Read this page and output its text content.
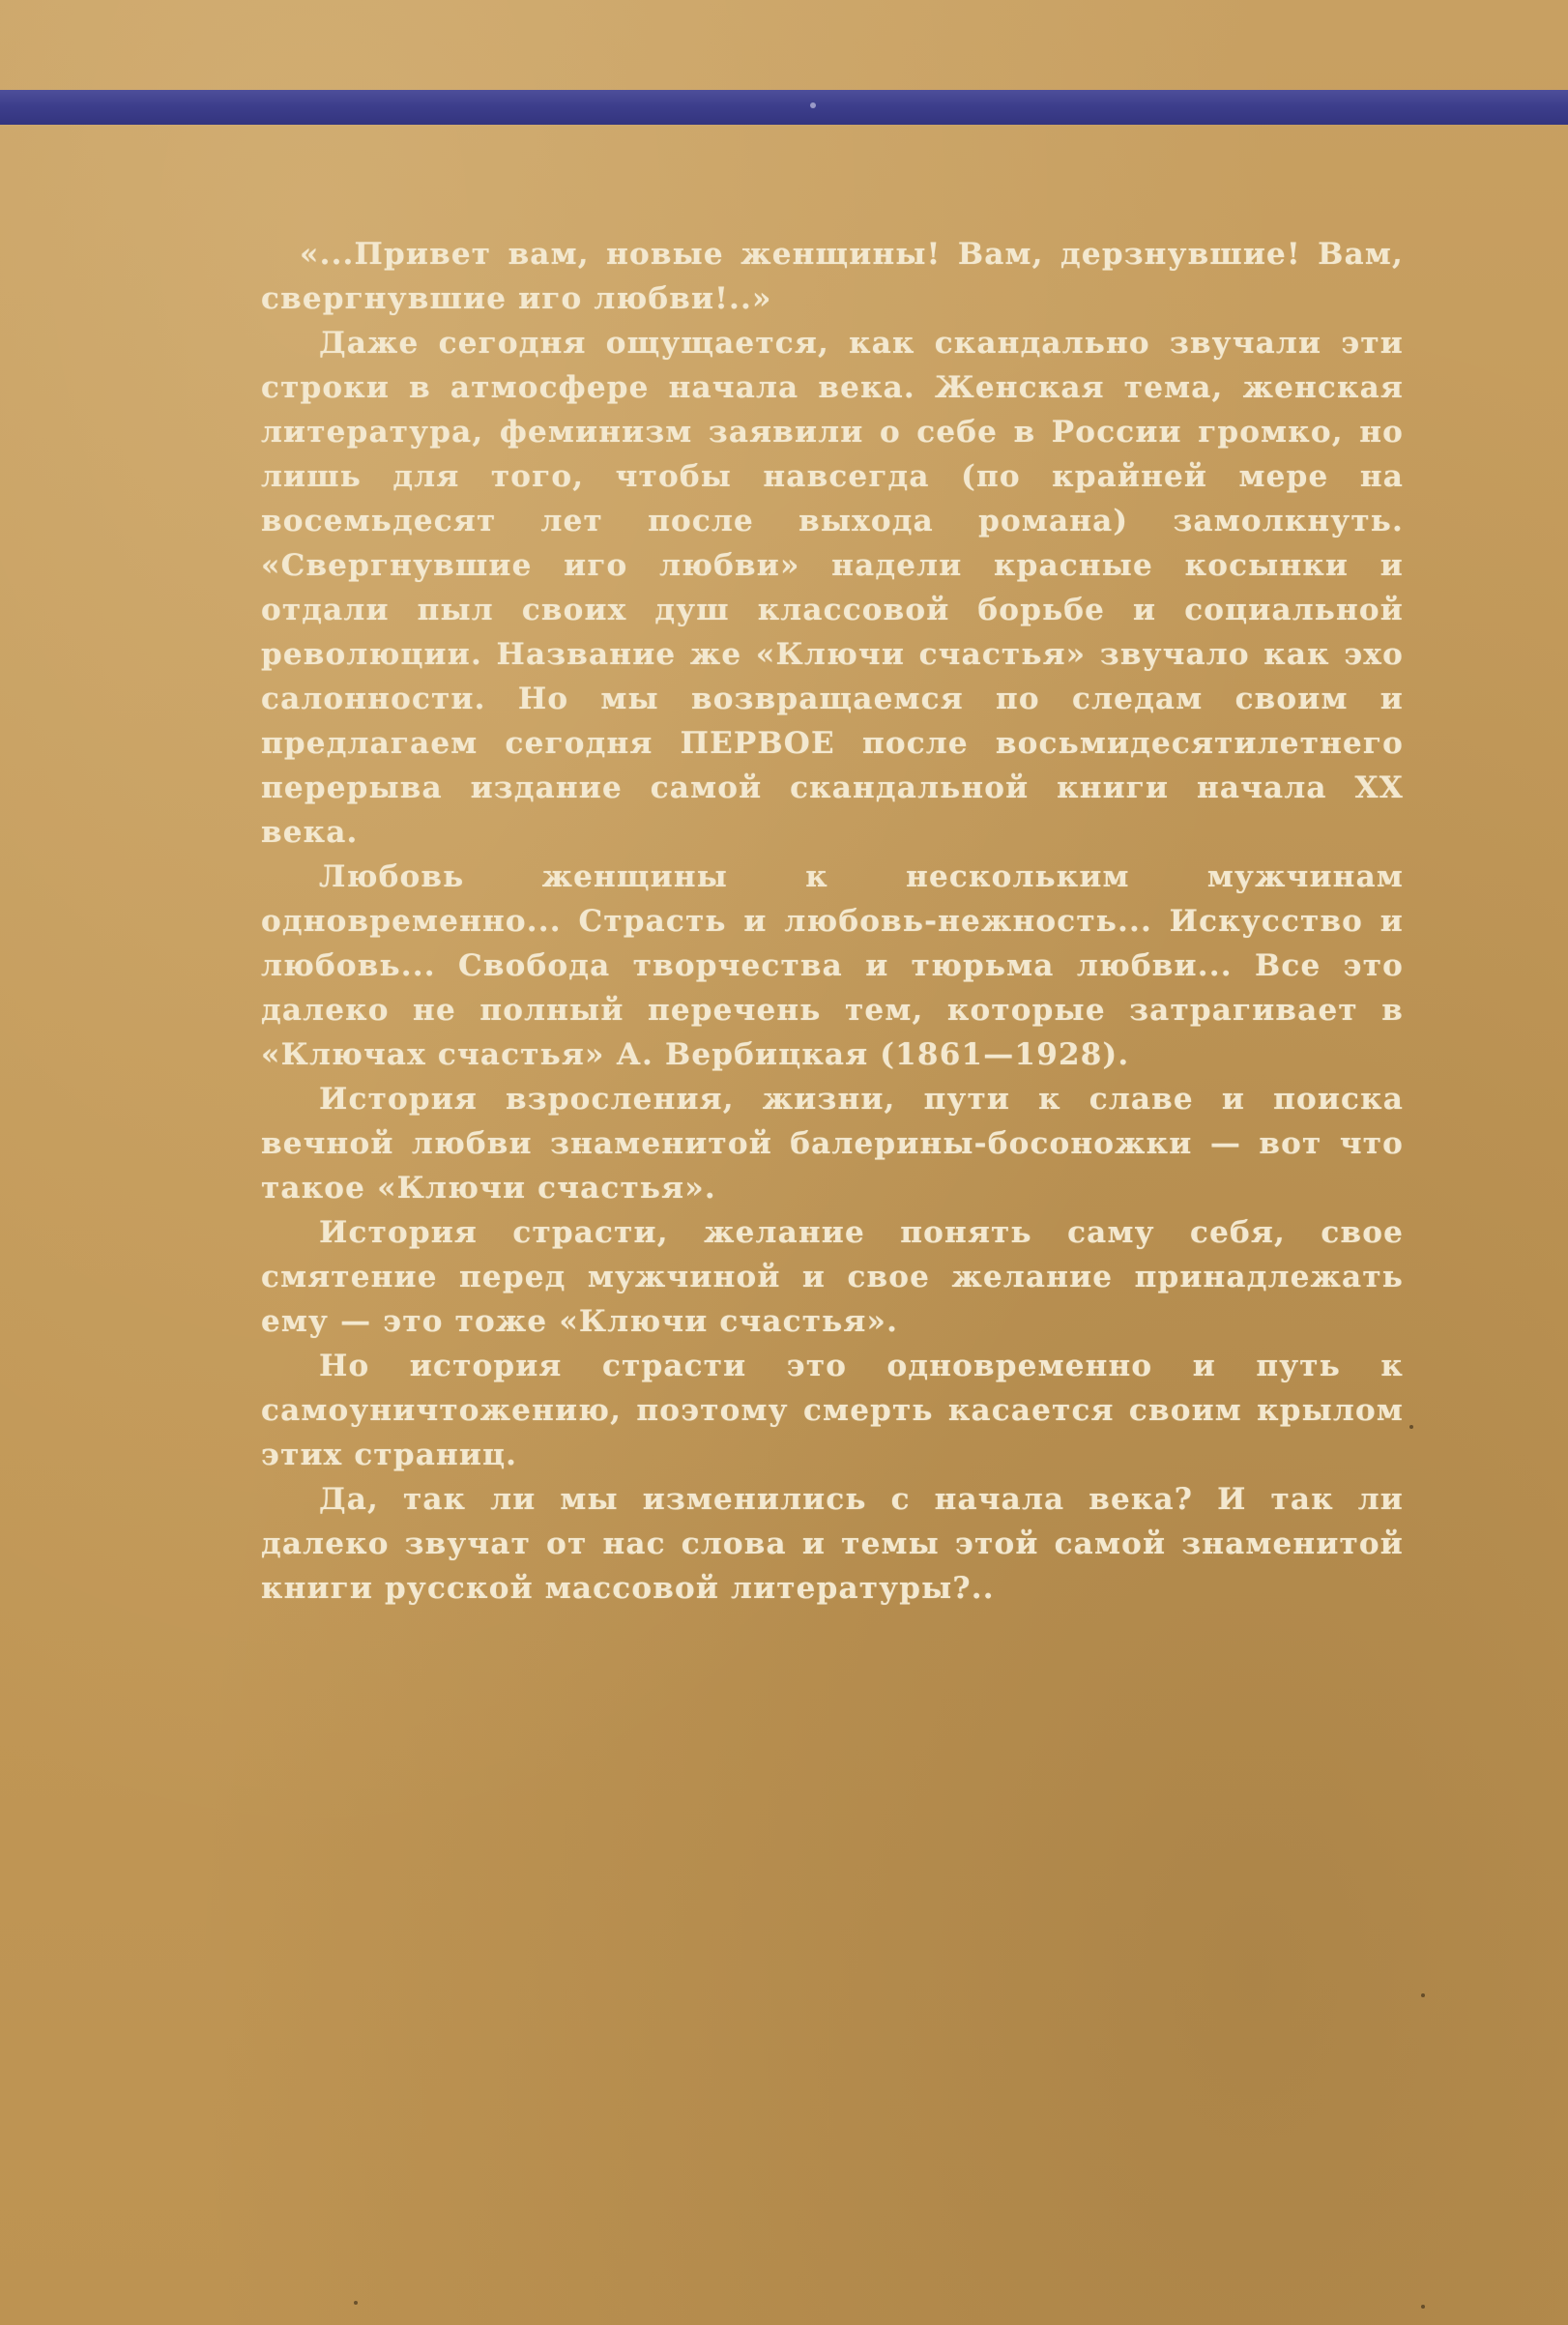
«...Привет вам, новые женщины! Вам, дерзнувшие! Вам, свергнувшие иго любви!..»

Даже сегодня ощущается, как скандально звучали эти строки в атмосфере начала века. Женская тема, женская литература, феминизм заявили о себе в России громко, но лишь для того, чтобы навсегда (по крайней мере на восемьдесят лет после выхода романа) замолкнуть. «Свергнувшие иго любви» надели красные косынки и отдали пыл своих душ классовой борьбе и социальной революции. Название же «Ключи счастья» звучало как эхо салонности. Но мы возвращаемся по следам своим и предлагаем сегодня ПЕРВОЕ после восьмидесятилетнего перерыва издание самой скандальной книги начала XX века.

Любовь женщины к нескольким мужчинам одновременно... Страсть и любовь-нежность... Искусство и любовь... Свобода творчества и тюрьма любви... Все это далеко не полный перечень тем, которые затрагивает в «Ключах счастья» А. Вербицкая (1861—1928).

История взросления, жизни, пути к славе и поиска вечной любви знаменитой балерины-босоножки — вот что такое «Ключи счастья».

История страсти, желание понять саму себя, свое смятение перед мужчиной и свое желание принадлежать ему — это тоже «Ключи счастья».

Но история страсти это одновременно и путь к самоуничтожению, поэтому смерть касается своим крылом этих страниц.

Да, так ли мы изменились с начала века? И так ли далеко звучат от нас слова и темы этой самой знаменитой книги русской массовой литературы?..
